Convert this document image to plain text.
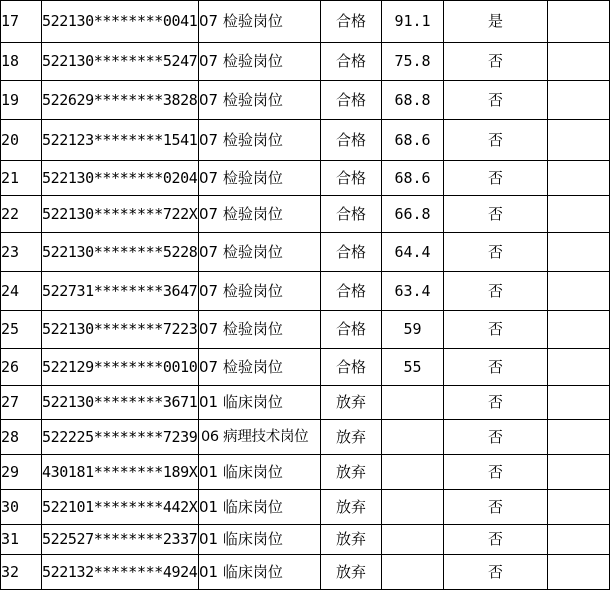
17	522130********0041	07 检验岗位	合格	91.1	是	
18	522130********5247	07 检验岗位	合格	75.8	否	
19	522629********3828	07 检验岗位	合格	68.8	否	
20	522123********1541	07 检验岗位	合格	68.6	否	
21	522130********0204	07 检验岗位	合格	68.6	否	
22	522130********722X	07 检验岗位	合格	66.8	否	
23	522130********5228	07 检验岗位	合格	64.4	否	
24	522731********3647	07 检验岗位	合格	63.4	否	
25	522130********7223	07 检验岗位	合格	59	否	
26	522129********0010	07 检验岗位	合格	55	否	
27	522130********3671	01 临床岗位	放弃		否	
28	522225********7239	06 病理技术岗位	放弃		否	
29	430181********189X	01 临床岗位	放弃		否	
30	522101********442X	01 临床岗位	放弃		否	
31	522527********2337	01 临床岗位	放弃		否	
32	522132********4924	01 临床岗位	放弃		否	
